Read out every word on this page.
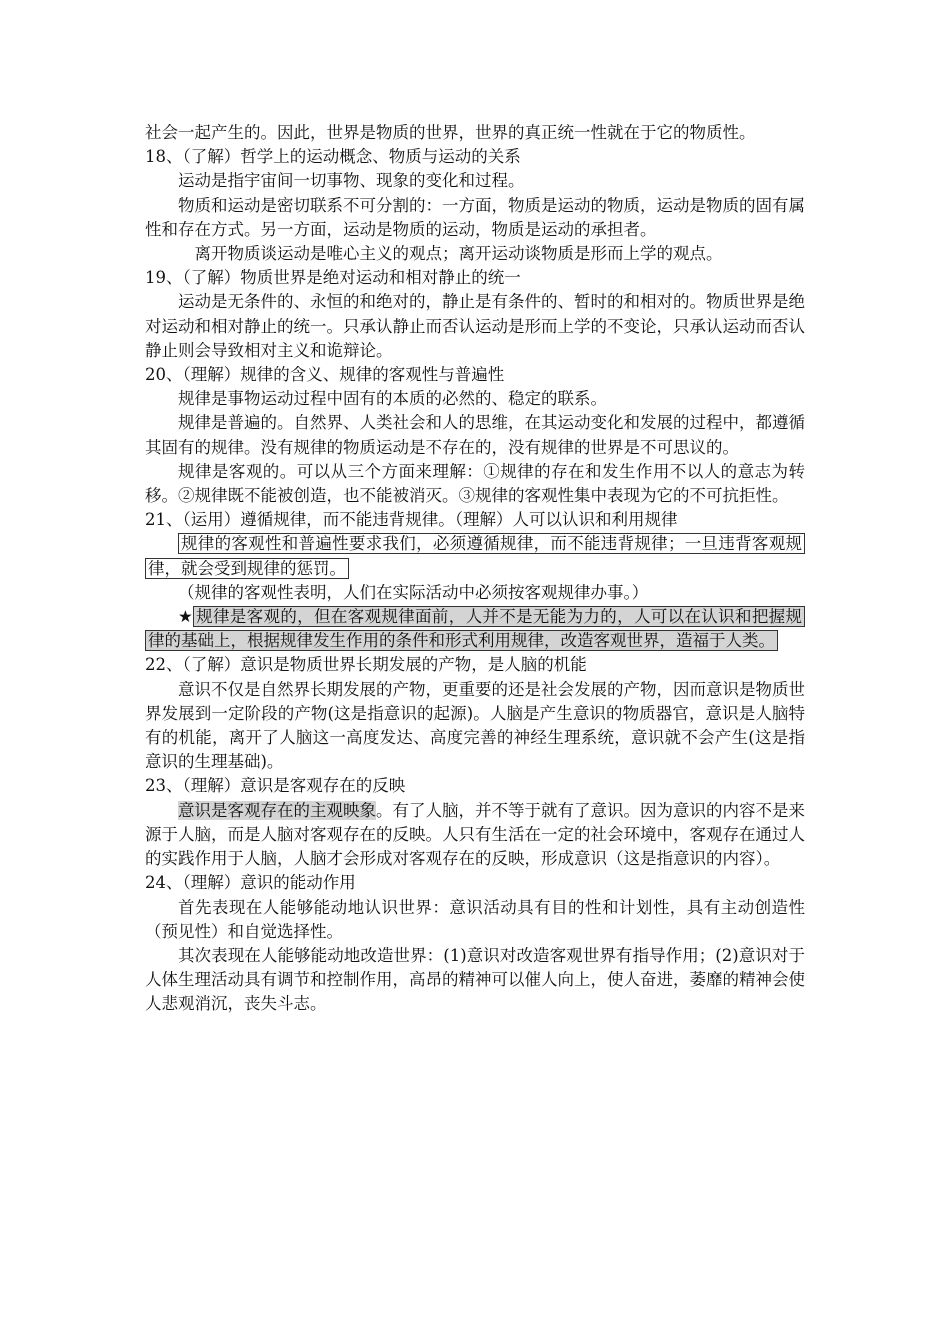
社会一起产生的。因此，世界是物质的世界，世界的真正统一性就在于它的物质性。

18、（了解）哲学上的运动概念、物质与运动的关系

运动是指宇宙间一切事物、现象的变化和过程。

物质和运动是密切联系不可分割的：一方面，物质是运动的物质，运动是物质的固有属性和存在方式。另一方面，运动是物质的运动，物质是运动的承担者。

离开物质谈运动是唯心主义的观点；离开运动谈物质是形而上学的观点。

19、（了解）物质世界是绝对运动和相对静止的统一

运动是无条件的、永恒的和绝对的，静止是有条件的、暂时的和相对的。物质世界是绝对运动和相对静止的统一。只承认静止而否认运动是形而上学的不变论，只承认运动而否认静止则会导致相对主义和诡辩论。

20、（理解）规律的含义、规律的客观性与普遍性

规律是事物运动过程中固有的本质的必然的、稳定的联系。

规律是普遍的。自然界、人类社会和人的思维，在其运动变化和发展的过程中，都遵循其固有的规律。没有规律的物质运动是不存在的，没有规律的世界是不可思议的。

规律是客观的。可以从三个方面来理解：①规律的存在和发生作用不以人的意志为转移。②规律既不能被创造，也不能被消灭。③规律的客观性集中表现为它的不可抗拒性。

21、（运用）遵循规律，而不能违背规律。（理解）人可以认识和利用规律

规律的客观性和普遍性要求我们，必须遵循规律，而不能违背规律；一旦违背客观规律，就会受到规律的惩罚。

（规律的客观性表明，人们在实际活动中必须按客观规律办事。）

★ 规律是客观的，但在客观规律面前，人并不是无能为力的，人可以在认识和把握规律的基础上，根据规律发生作用的条件和形式利用规律，改造客观世界，造福于人类。

22、（了解）意识是物质世界长期发展的产物，是人脑的机能

意识不仅是自然界长期发展的产物，更重要的还是社会发展的产物，因而意识是物质世界发展到一定阶段的产物(这是指意识的起源)。人脑是产生意识的物质器官，意识是人脑特有的机能，离开了人脑这一高度发达、高度完善的神经生理系统，意识就不会产生(这是指意识的生理基础)。

23、（理解）意识是客观存在的反映

意识是客观存在的主观映象。有了人脑，并不等于就有了意识。因为意识的内容不是来源于人脑，而是人脑对客观存在的反映。人只有生活在一定的社会环境中，客观存在通过人的实践作用于人脑，人脑才会形成对客观存在的反映，形成意识（这是指意识的内容）。

24、（理解）意识的能动作用

首先表现在人能够能动地认识世界：意识活动具有目的性和计划性，具有主动创造性（预见性）和自觉选择性。

其次表现在人能够能动地改造世界：(1)意识对改造客观世界有指导作用；(2)意识对于人体生理活动具有调节和控制作用，高昂的精神可以催人向上，使人奋进，萎靡的精神会使人悲观消沉，丧失斗志。
